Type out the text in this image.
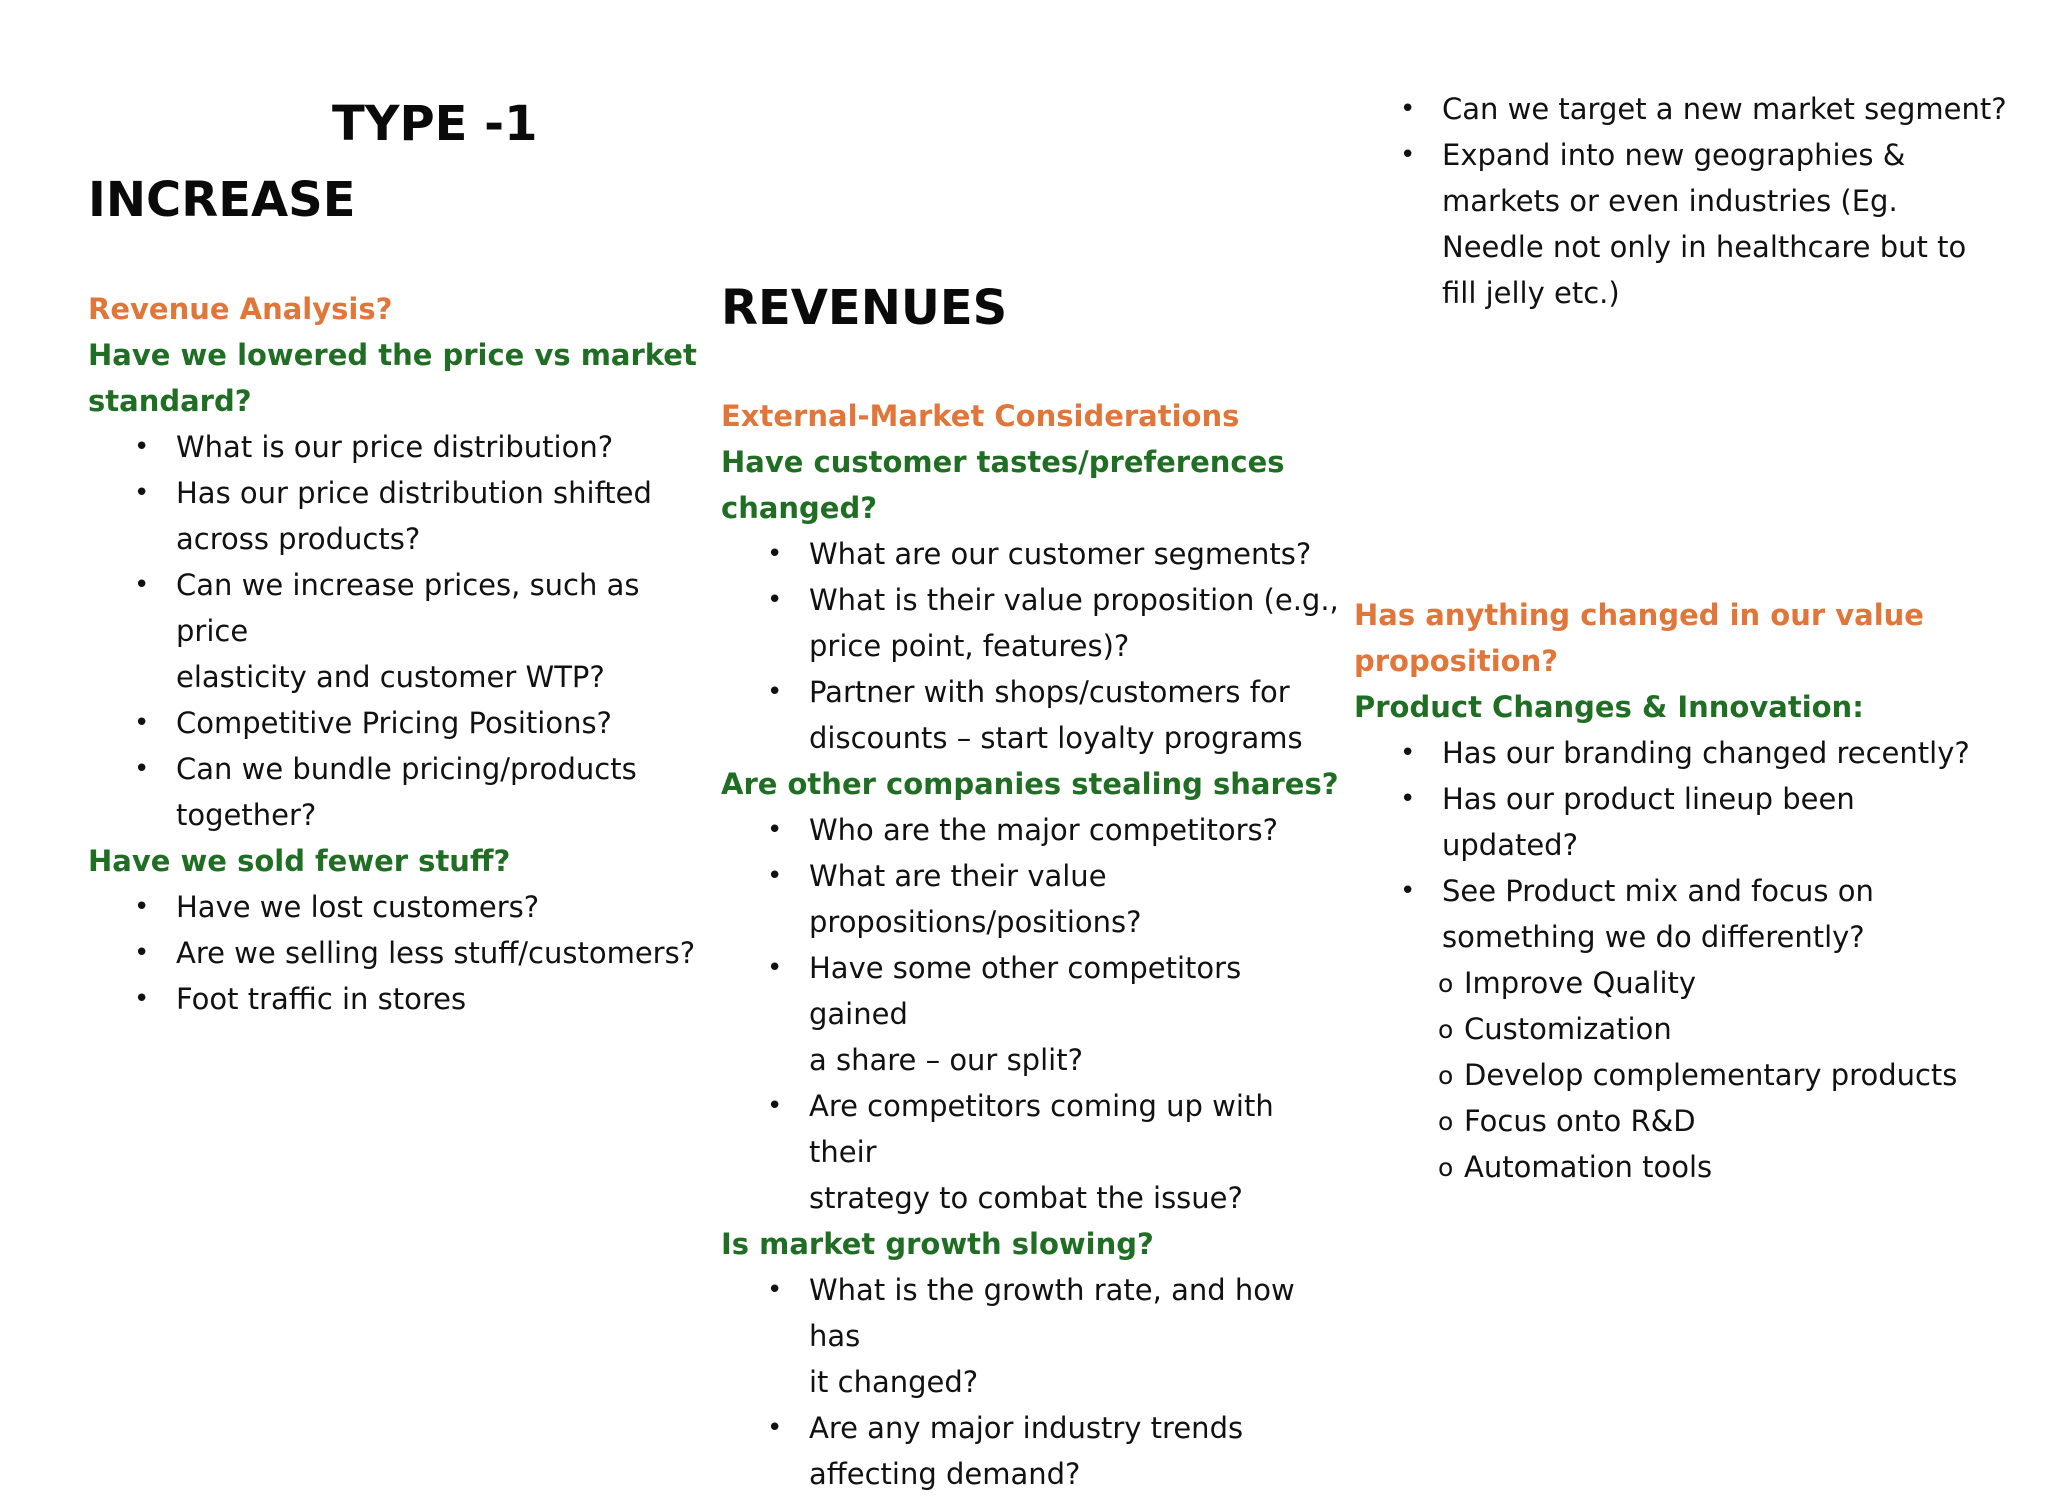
TYPE -1
INCREASE
REVENUES
Revenue Analysis?
Have we lowered the price vs market
standard?
• What is our price distribution?
• Has our price distribution shifted
across products?
• Can we increase prices, such as price
elasticity and customer WTP?
• Competitive Pricing Positions?
• Can we bundle pricing/products
together?
Have we sold fewer stuff?
• Have we lost customers?
• Are we selling less stuff/customers?
• Foot traffic in stores
External-Market Considerations
Have customer tastes/preferences
changed?
• What are our customer segments?
• What is their value proposition (e.g.,
price point, features)?
• Partner with shops/customers for
discounts – start loyalty programs
Are other companies stealing shares?
• Who are the major competitors?
• What are their value
propositions/positions?
• Have some other competitors gained
a share – our split?
• Are competitors coming up with their
strategy to combat the issue?
Is market growth slowing?
• What is the growth rate, and how has
it changed?
• Are any major industry trends
affecting demand?
• Can we target a new market segment?
• Expand into new geographies &
markets or even industries (Eg.
Needle not only in healthcare but to
fill jelly etc.)
Has anything changed in our value
proposition?
Product Changes & Innovation:
• Has our branding changed recently?
• Has our product lineup been
updated?
• See Product mix and focus on
something we do differently?
o Improve Quality
o Customization
o Develop complementary products
o Focus onto R&D
o Automation tools
